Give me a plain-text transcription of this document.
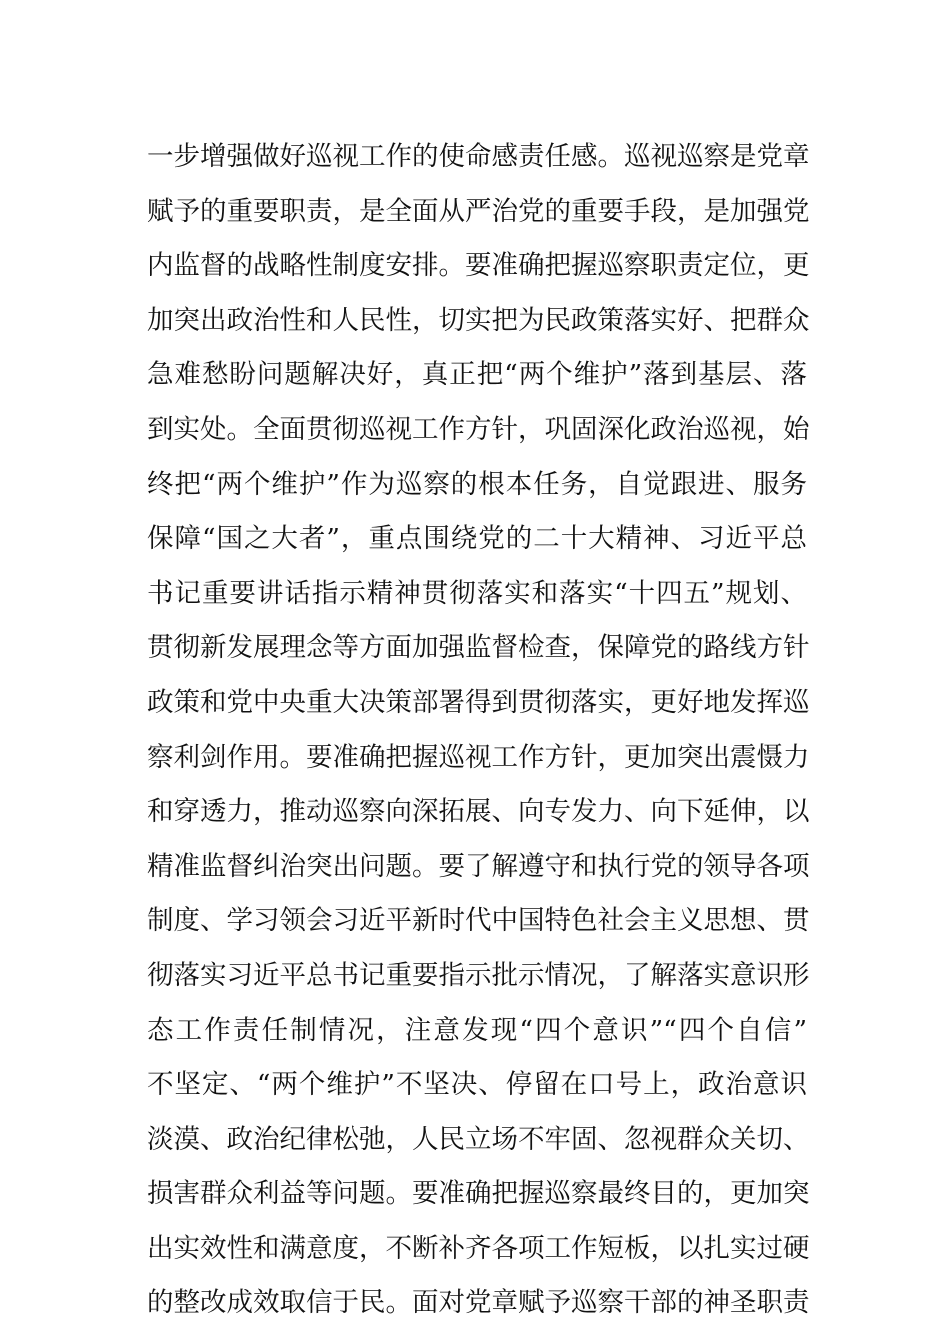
一步增强做好巡视工作的使命感责任感。巡视巡察是党章
赋予的重要职责，是全面从严治党的重要手段，是加强党
内监督的战略性制度安排。要准确把握巡察职责定位，更
加突出政治性和人民性，切实把为民政策落实好、把群众
急难愁盼问题解决好，真正把“两个维护”落到基层、落
到实处。全面贯彻巡视工作方针，巩固深化政治巡视，始
终把“两个维护”作为巡察的根本任务，自觉跟进、服务
保障“国之大者”，重点围绕党的二十大精神、习近平总
书记重要讲话指示精神贯彻落实和落实“十四五”规划、
贯彻新发展理念等方面加强监督检查，保障党的路线方针
政策和党中央重大决策部署得到贯彻落实，更好地发挥巡
察利剑作用。要准确把握巡视工作方针，更加突出震慑力
和穿透力，推动巡察向深拓展、向专发力、向下延伸，以
精准监督纠治突出问题。要了解遵守和执行党的领导各项
制度、学习领会习近平新时代中国特色社会主义思想、贯
彻落实习近平总书记重要指示批示情况，了解落实意识形
态工作责任制情况，注意发现“四个意识”“四个自信”
不坚定、“两个维护”不坚决、停留在口号上，政治意识
淡漠、政治纪律松弛，人民立场不牢固、忽视群众关切、
损害群众利益等问题。要准确把握巡察最终目的，更加突
出实效性和满意度，不断补齐各项工作短板，以扎实过硬
的整改成效取信于民。面对党章赋予巡察干部的神圣职责
